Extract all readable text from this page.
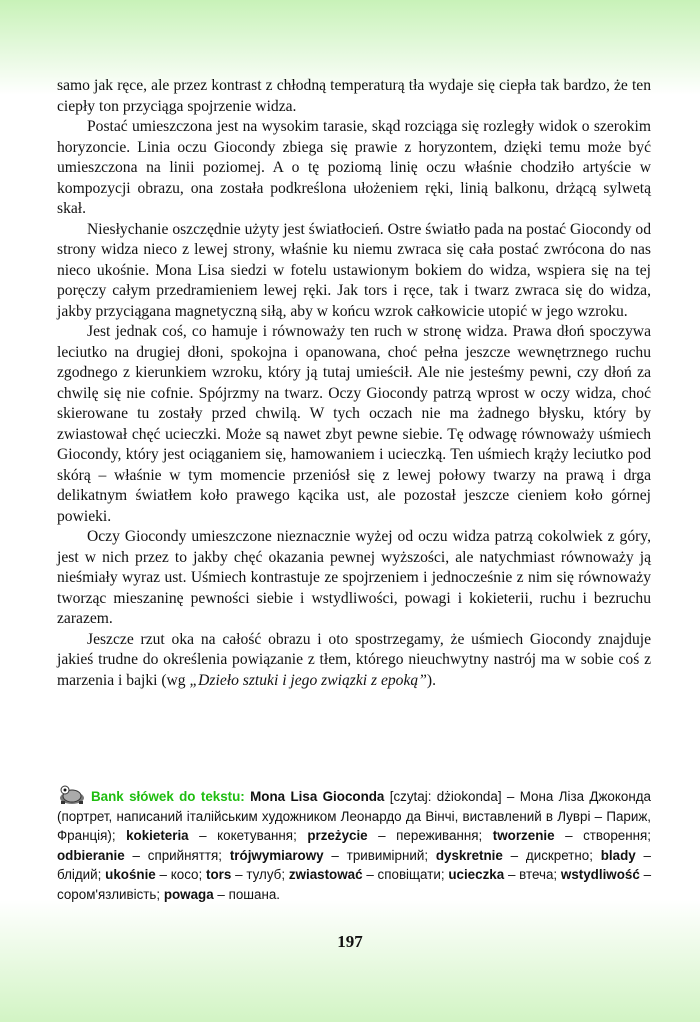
samo jak ręce, ale przez kontrast z chłodną temperaturą tła wydaje się ciepła tak bardzo, że ten ciepły ton przyciąga spojrzenie widza.

Postać umieszczona jest na wysokim tarasie, skąd rozciąga się rozległy widok o szerokim horyzoncie. Linia oczu Giocondy zbiega się prawie z horyzontem, dzięki temu może być umieszczona na linii poziomej. A o tę poziomą linię oczu właśnie chodziło artyście w kompozycji obrazu, ona została podkreślona ułożeniem ręki, linią balkonu, drżącą sylwetą skał.

Niesłychanie oszczędnie użyty jest światłocień. Ostre światło pada na postać Giocondy od strony widza nieco z lewej strony, właśnie ku niemu zwraca się cała postać zwrócona do nas nieco ukośnie. Mona Lisa siedzi w fotelu ustawionym bokiem do widza, wspiera się na tej poręczy całym przedramieniem lewej ręki. Jak tors i ręce, tak i twarz zwraca się do widza, jakby przyciągana magnetyczną siłą, aby w końcu wzrok całkowicie utopić w jego wzroku.

Jest jednak coś, co hamuje i równoważy ten ruch w stronę widza. Prawa dłoń spoczywa leciutko na drugiej dłoni, spokojna i opanowana, choć pełna jeszcze wewnętrznego ruchu zgodnego z kierunkiem wzroku, który ją tutaj umieścił. Ale nie jesteśmy pewni, czy dłoń za chwilę się nie cofnie. Spójrzmy na twarz. Oczy Giocondy patrzą wprost w oczy widza, choć skierowane tu zostały przed chwilą. W tych oczach nie ma żadnego błysku, który by zwiastował chęć ucieczki. Może są nawet zbyt pewne siebie. Tę odwagę równoważy uśmiech Giocondy, który jest ociąganiem się, hamowaniem i ucieczką. Ten uśmiech krąży leciutko pod skórą – właśnie w tym momencie przeniósł się z lewej połowy twarzy na prawą i drga delikatnym światłem koło prawego kącika ust, ale pozostał jeszcze cieniem koło górnej powieki.

Oczy Giocondy umieszczone nieznacznie wyżej od oczu widza patrzą cokolwiek z góry, jest w nich przez to jakby chęć okazania pewnej wyższości, ale natychmiast równoważy ją nieśmiały wyraz ust. Uśmiech kontrastuje ze spojrzeniem i jednocześnie z nim się równoważy tworząc mieszaninę pewności siebie i wstydliwości, powagi i kokieterii, ruchu i bezruchu zarazem.

Jeszcze rzut oka na całość obrazu i oto spostrzegamy, że uśmiech Giocondy znajduje jakieś trudne do określenia powiązanie z tłem, którego nieuchwytny nastrój ma w sobie coś z marzenia i bajki (wg „Dzieło sztuki i jego związki z epoką”).

Bank słówek do tekstu: Mona Lisa Gioconda [czytaj: dżiokonda] – Мона Ліза Джоконда (портрет, написаний італійським художником Леонардо да Вінчі, виставлений в Луврі – Париж, Франція); kokieteria – кокетування; przeżycie – переживання; tworzenie – створення; odbieranie – сприйняття; trójwymiarowy – тривимірний; dyskretnie – дискретно; blady – блідий; ukośnie – косо; tors – тулуб; zwiastować – сповіщати; ucieczka – втеча; wstydliwość – сором'язливість; powaga – пошана.
197
